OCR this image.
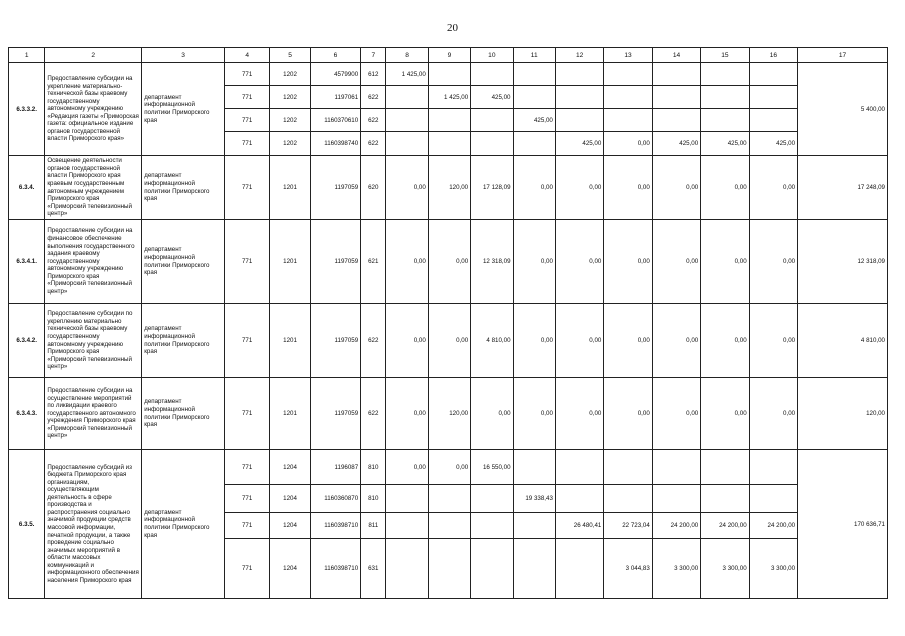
20
1	2	3	4	5	6	7	8	9	10	11	12	13	14	15	16	17
6.3.3.2.	Предоставление субсидии на укрепление материально-технической базы краевому государственному автономному учреждению «Редакция газеты «Приморская газета: официальное издание органов государственной власти Приморского края»	департамент информационной политики Приморского края	771	1202	4579900	612	1 425,00									5 400,00
			771	1202	1197061	622		1 425,00	425,00							
			771	1202	1160370610	622				425,00						
			771	1202	1160398740	622					425,00	0,00	425,00	425,00	425,00	
6.3.4.	Освещение деятельности органов государственной власти Приморского края краевым государственным автономным учреждением Приморского края «Приморский телевизионный центр»	департамент информационной политики Приморского края	771	1201	1197059	620	0,00	120,00	17 128,09	0,00	0,00	0,00	0,00	0,00	0,00	17 248,09
6.3.4.1.	Предоставление субсидии на финансовое обеспечение выполнения государственного задания краевому государственному автономному учреждению Приморского края «Приморский телевизионный центр»	департамент информационной политики Приморского края	771	1201	1197059	621	0,00	0,00	12 318,09	0,00	0,00	0,00	0,00	0,00	0,00	12 318,09
6.3.4.2.	Предоставление субсидии по укреплению материально технической базы краевому государственному автономному учреждению Приморского края «Приморский телевизионный центр»	департамент информационной политики Приморского края	771	1201	1197059	622	0,00	0,00	4 810,00	0,00	0,00	0,00	0,00	0,00	0,00	4 810,00
6.3.4.3.	Предоставление субсидии на осуществление мероприятий по ликвидации краевого государственного автономного учреждения Приморского края «Приморский телевизионный центр»	департамент информационной политики Приморского края	771	1201	1197059	622	0,00	120,00	0,00	0,00	0,00	0,00	0,00	0,00	0,00	120,00
6.3.5.	Предоставление субсидий из бюджета Приморского края организациям, осуществляющим деятельность в сфере производства и распространения социально значимой продукции средств массовой информации, печатной продукции, а также проведение социально значимых мероприятий в области массовых коммуникаций и информационного обеспечения населения Приморского края	департамент информационной политики Приморского края	771	1204	1196087	810	0,00	0,00	16 550,00							170 636,71
			771	1204	1160360870	810				19 338,43						
			771	1204	1160398710	811					26 480,41	22 723,04	24 200,00	24 200,00	24 200,00	
			771	1204	1160398710	631						3 044,83	3 300,00	3 300,00	3 300,00	
